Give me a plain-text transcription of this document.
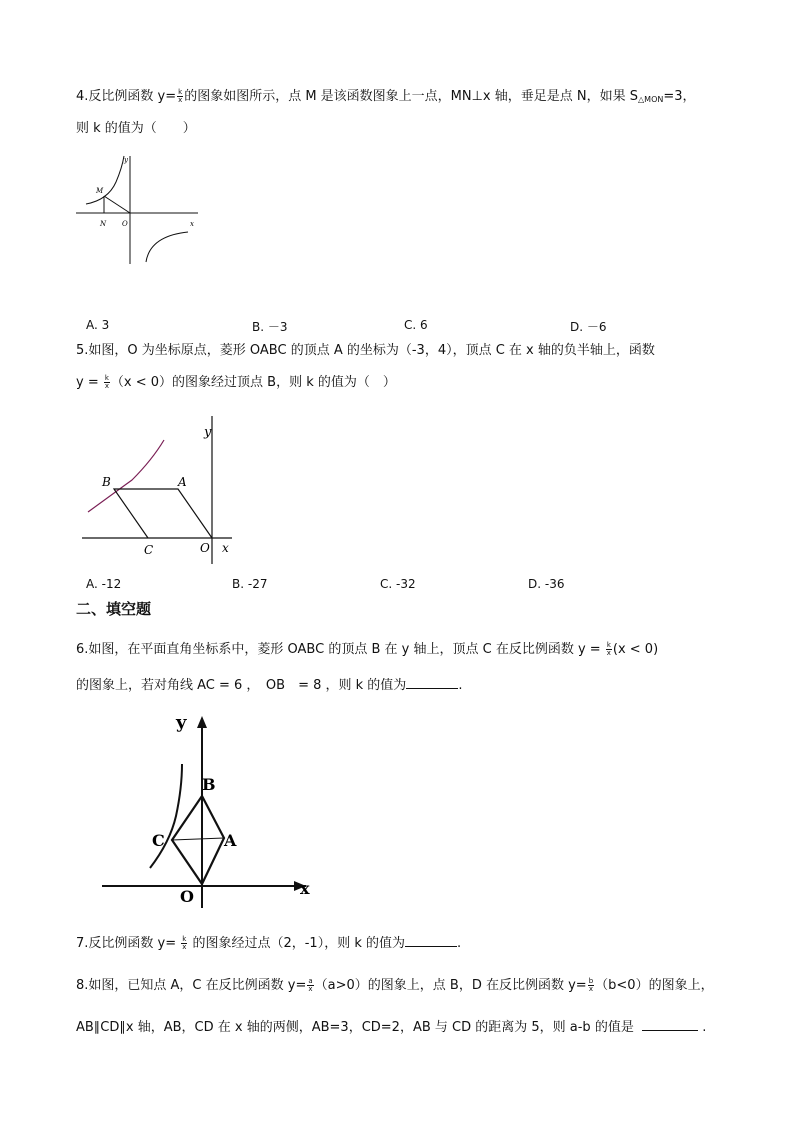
4.反比例函数 $y= \frac{k}{x}$ 的图象如图所示，点 M 是该函数图象上一点，MN⊥x 轴，垂足是点 N，如果 $S_{\triangle MON}=3$，
则 k 的值为（　　）
M
N O
y
x
A. 3	B. －3	C. 6	D. －6
5.如图，O 为坐标原点，菱形 OABC 的顶点 A 的坐标为（-3，4），顶点 C 在 x 轴的负半轴上，函数
$y = \frac{k}{x} (x < 0)$的图象经过顶点 B，则 k 的值为（　）
y
B	A
C	O x
A. -12	B. -27	C. -32	D. -36
二、填空题
6.如图，在平面直角坐标系中，菱形 OABC 的顶点 B 在 y 轴上，顶点 C 在反比例函数 $y = \frac{k}{x} (x < 0)$
的图象上，若对角线 AC = 6 ，　OB　= 8 ，则 k 的值为	.
y
B
C	A
O	x
7.反比例函数 $y= \frac{k}{x}$ 的图象经过点（2，-1），则 k 的值为	.
8.如图，已知点 A，C 在反比例函数 $y= \frac{a}{x} (a>0)$的图象上，点 B，D 在反比例函数 $y= \frac{b}{x} (b<0)$的图象上，
AB∥CD∥x 轴，AB，CD 在 x 轴的两侧，AB=3，CD=2，AB 与 CD 的距离为 5，则 a-b 的值是	.
